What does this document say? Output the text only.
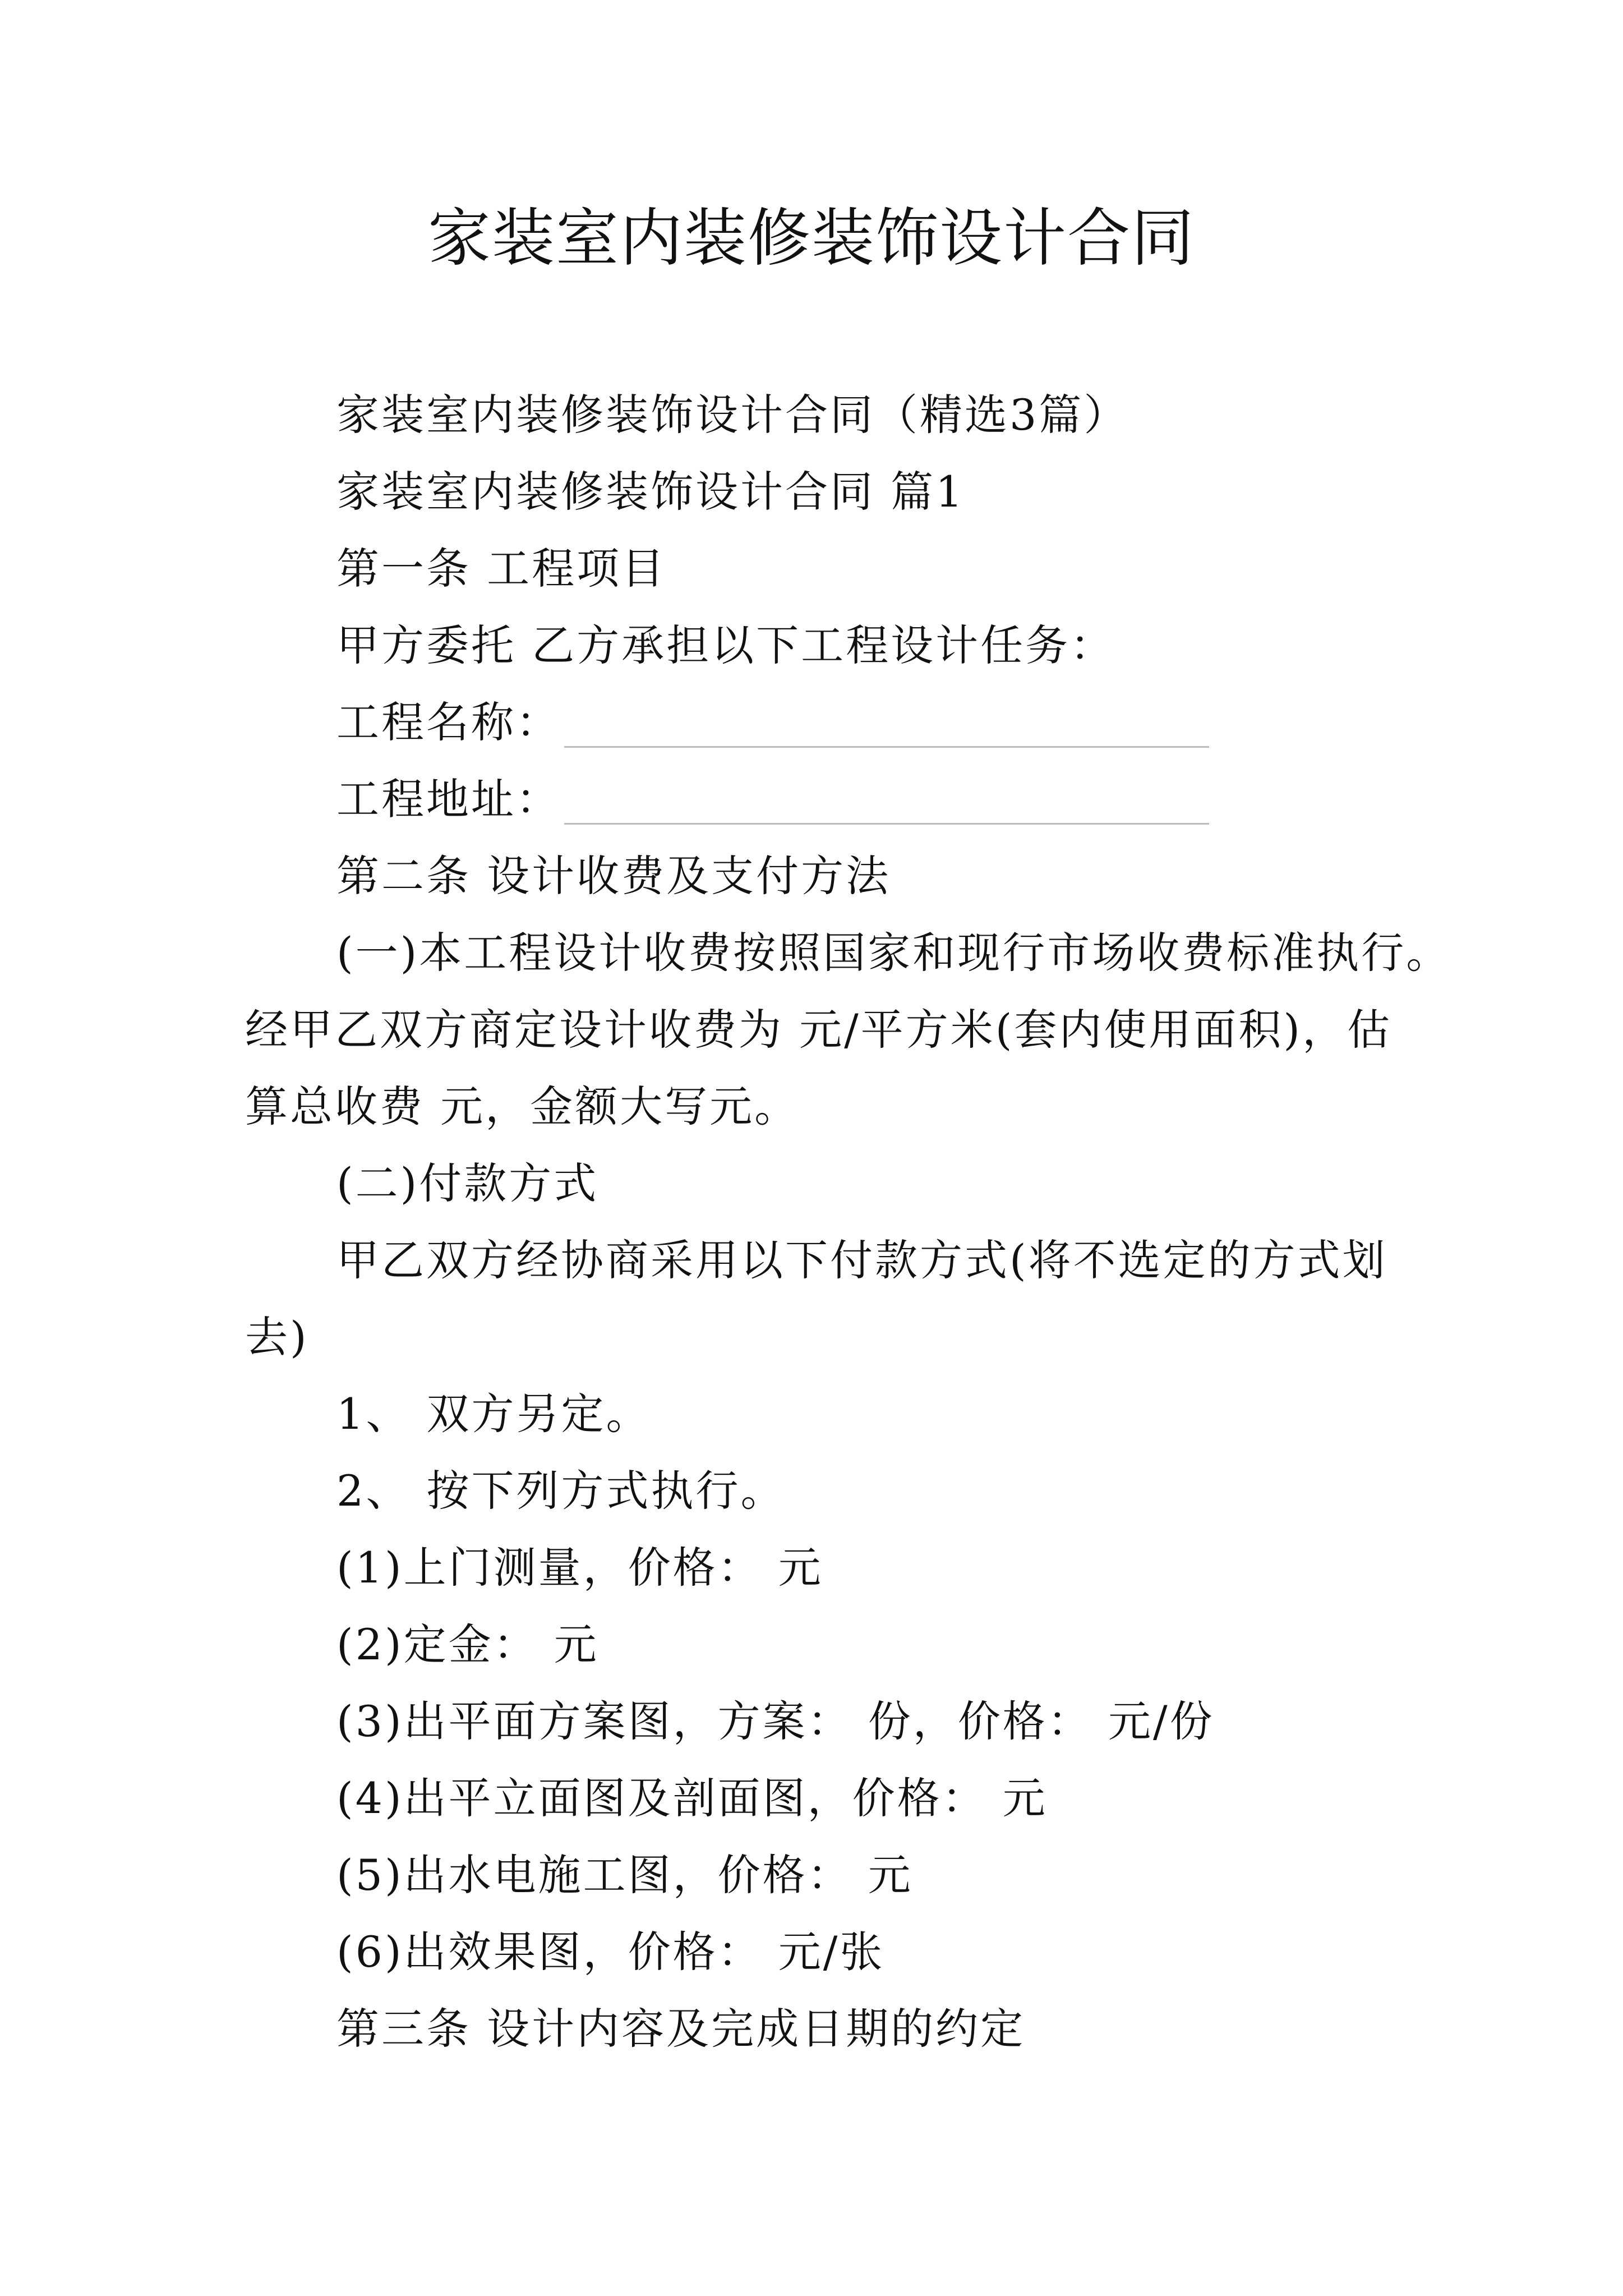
家装室内装修装饰设计合同

家装室内装修装饰设计合同（精选3篇）

家装室内装修装饰设计合同 篇1

第一条 工程项目

甲方委托 乙方承担以下工程设计任务：

工程名称：

工程地址：

第二条 设计收费及支付方法

(一)本工程设计收费按照国家和现行市场收费标准执行。

经甲乙双方商定设计收费为 元/平方米(套内使用面积)，估

算总收费 元，金额大写元。

(二)付款方式

甲乙双方经协商采用以下付款方式(将不选定的方式划

去)

1、 双方另定。

2、 按下列方式执行。

(1)上门测量，价格： 元

(2)定金： 元

(3)出平面方案图，方案： 份，价格： 元/份

(4)出平立面图及剖面图，价格： 元

(5)出水电施工图，价格： 元

(6)出效果图，价格： 元/张

第三条 设计内容及完成日期的约定
